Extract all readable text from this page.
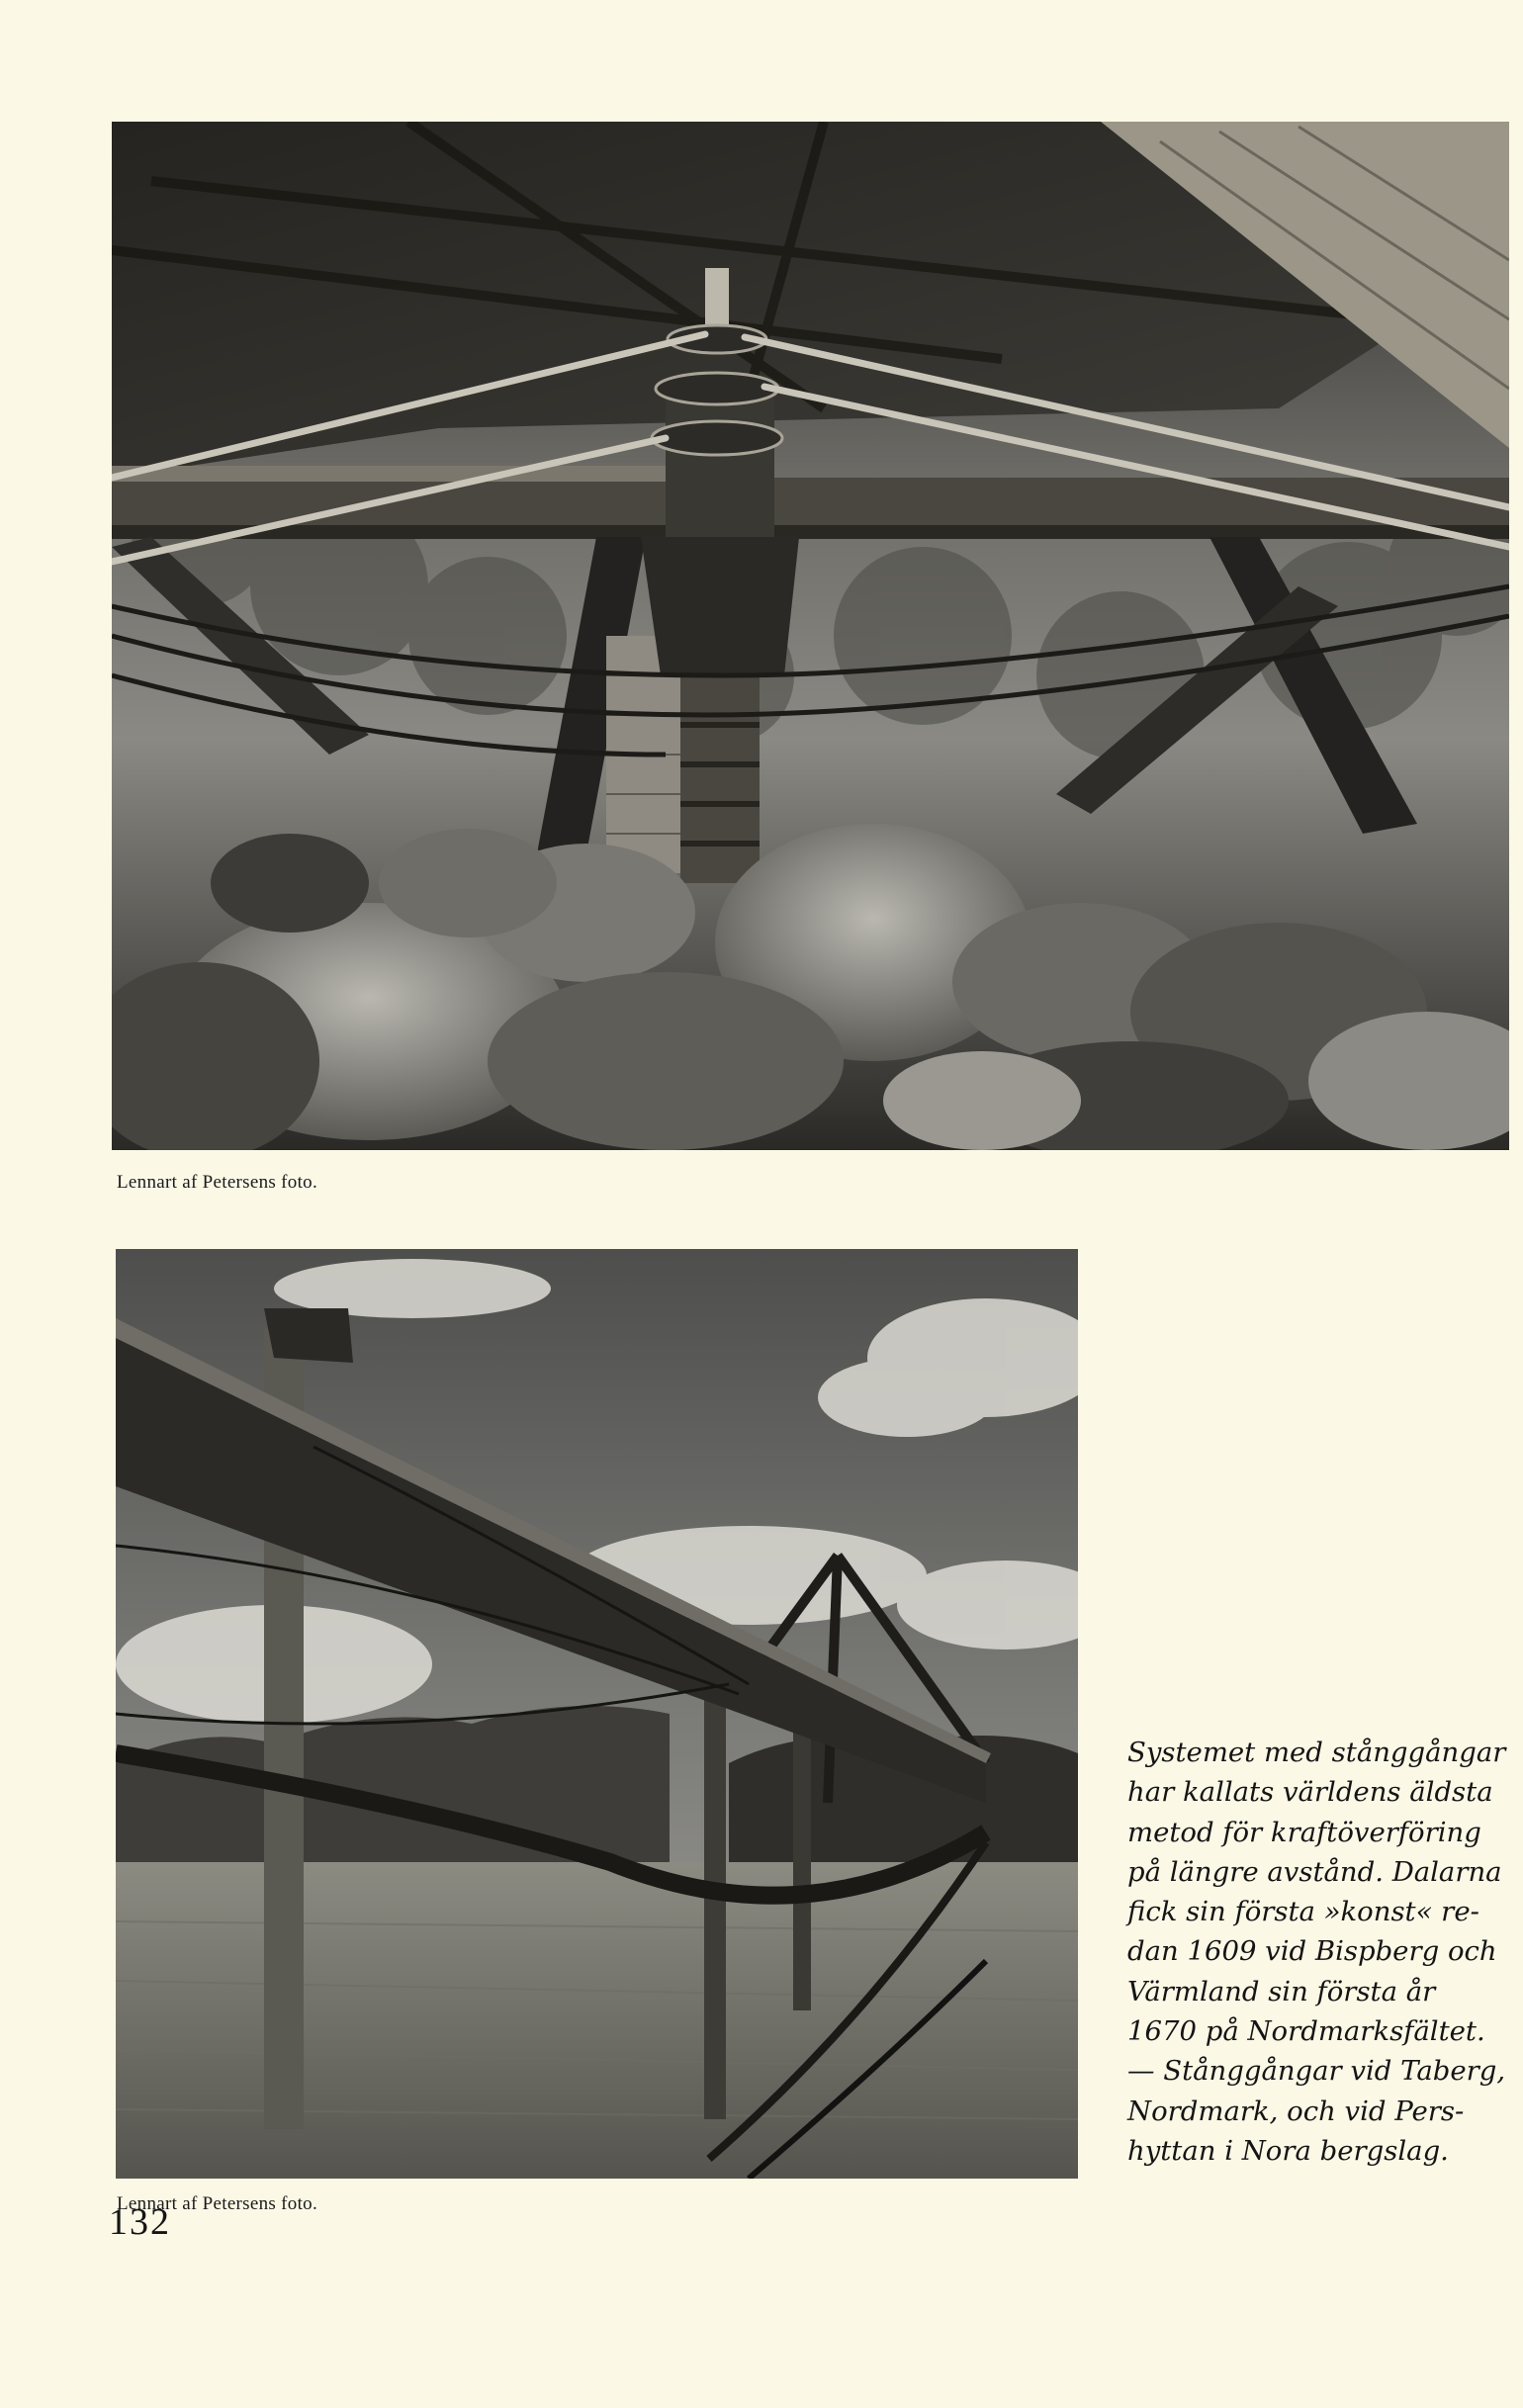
Lennart af Petersens foto.
Lennart af Petersens foto.
Systemet med stånggångar
har kallats världens äldsta
metod för kraftöverföring
på längre avstånd. Dalarna
fick sin första »konst« re-
dan 1609 vid Bispberg och
Värmland sin första år
1670 på Nordmarksfältet.
— Stånggångar vid Taberg,
Nordmark, och vid Pers-
hyttan i Nora bergslag.
132
